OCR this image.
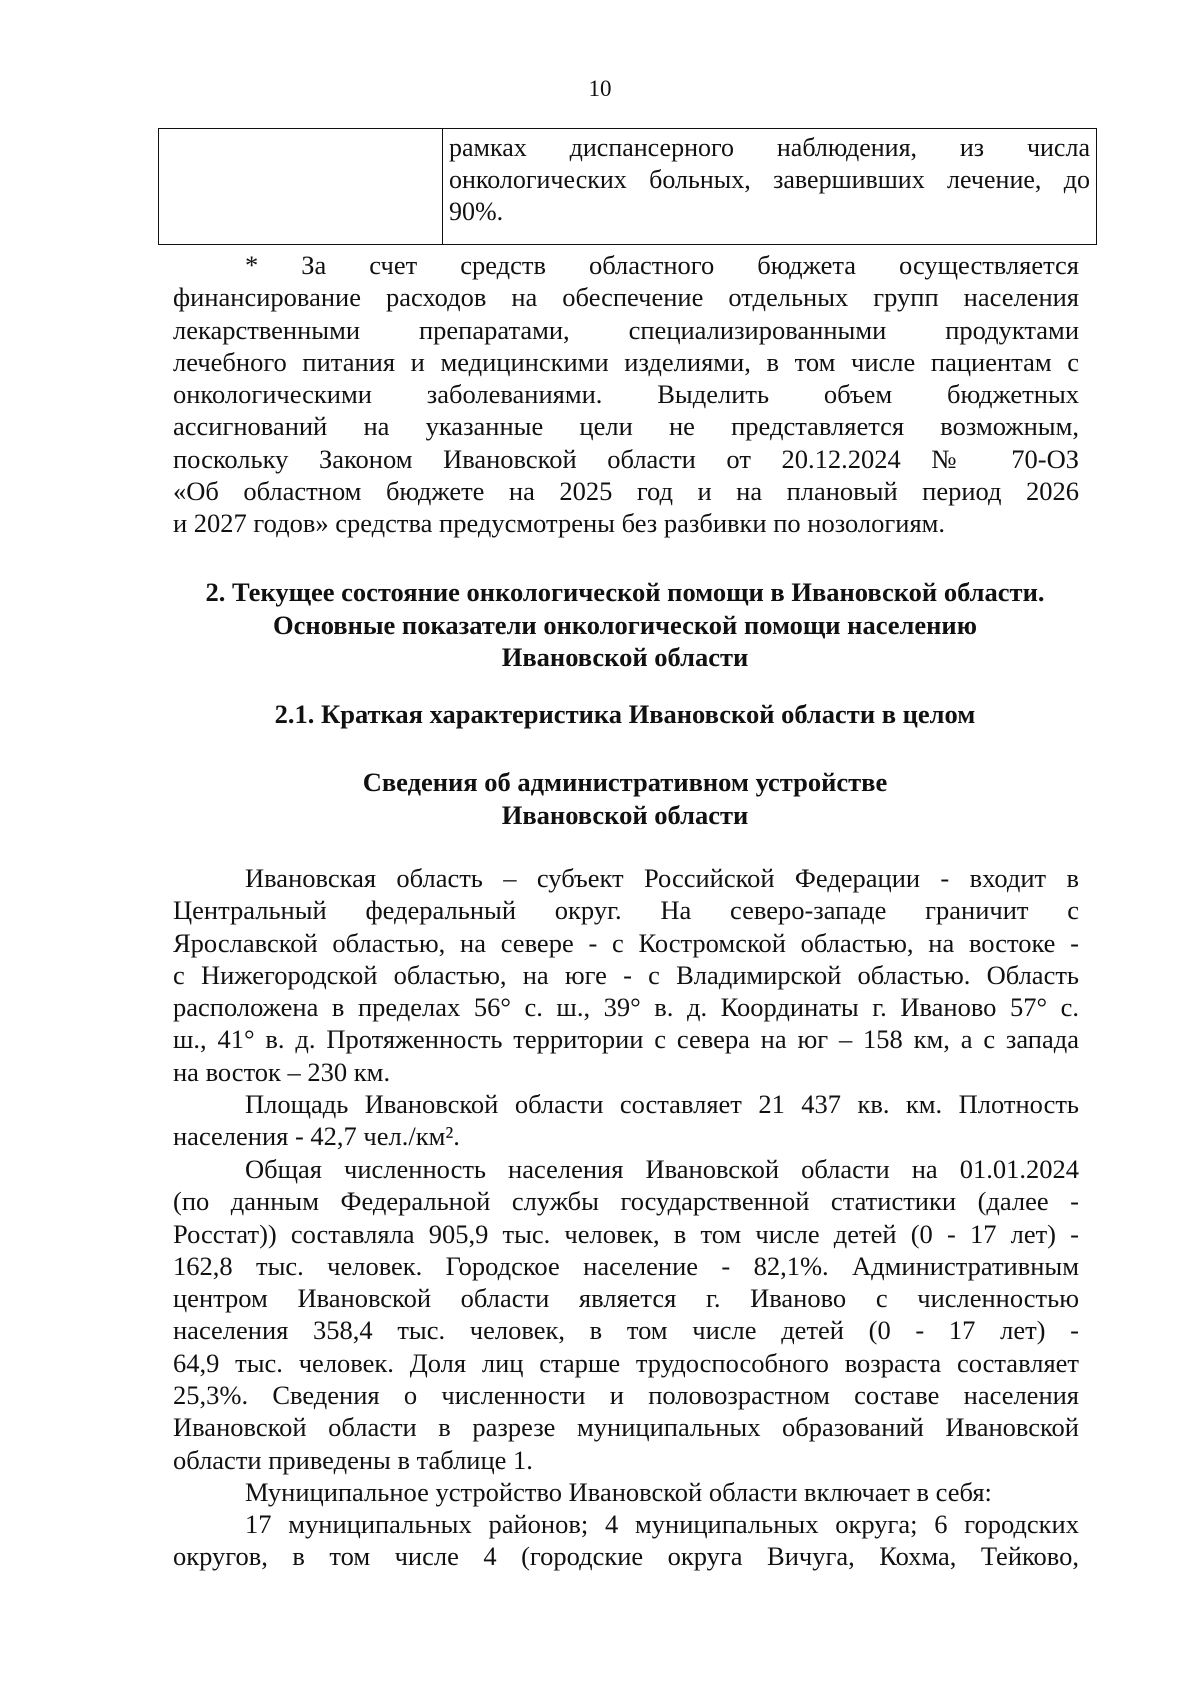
10
рамках диспансерного наблюдения, из числа
онкологических больных, завершивших лечение, до
90%.
* За счет средств областного бюджета осуществляется
финансирование расходов на обеспечение отдельных групп населения
лекарственными препаратами, специализированными продуктами
лечебного питания и медицинскими изделиями, в том числе пациентам с
онкологическими заболеваниями. Выделить объем бюджетных
ассигнований на указанные цели не представляется возможным,
поскольку Законом Ивановской области от 20.12.2024 № 70-ОЗ
«Об областном бюджете на 2025 год и на плановый период 2026
и 2027 годов» средства предусмотрены без разбивки по нозологиям.
2. Текущее состояние онкологической помощи в Ивановской области.
Основные показатели онкологической помощи населению
Ивановской области
2.1. Краткая характеристика Ивановской области в целом
Сведения об административном устройстве
Ивановской области
Ивановская область – субъект Российской Федерации - входит в
Центральный федеральный округ. На северо-западе граничит с
Ярославской областью, на севере - с Костромской областью, на востоке -
с Нижегородской областью, на юге - с Владимирской областью. Область
расположена в пределах 56° с. ш., 39° в. д. Координаты г. Иваново 57° с.
ш., 41° в. д. Протяженность территории с севера на юг – 158 км, а с запада
на восток – 230 км.
Площадь Ивановской области составляет 21 437 кв. км. Плотность
населения - 42,7 чел./км².
Общая численность населения Ивановской области на 01.01.2024
(по данным Федеральной службы государственной статистики (далее -
Росстат)) составляла 905,9 тыс. человек, в том числе детей (0 - 17 лет) -
162,8 тыс. человек. Городское население - 82,1%. Административным
центром Ивановской области является г. Иваново с численностью
населения 358,4 тыс. человек, в том числе детей (0 - 17 лет) -
64,9 тыс. человек. Доля лиц старше трудоспособного возраста составляет
25,3%. Сведения о численности и половозрастном составе населения
Ивановской области в разрезе муниципальных образований Ивановской
области приведены в таблице 1.
Муниципальное устройство Ивановской области включает в себя:
17 муниципальных районов; 4 муниципальных округа; 6 городских
округов, в том числе 4 (городские округа Вичуга, Кохма, Тейково,
